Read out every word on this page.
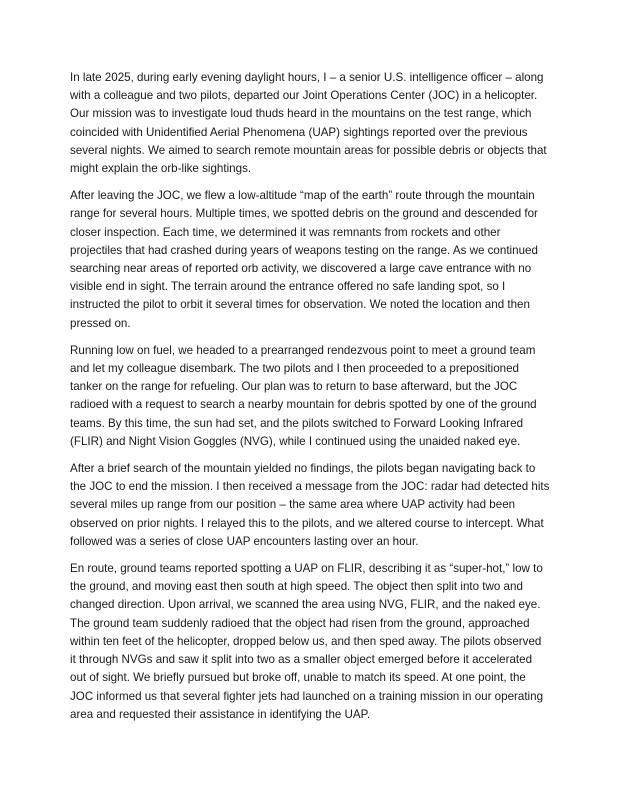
In late 2025, during early evening daylight hours, I – a senior U.S. intelligence officer – along with a colleague and two pilots, departed our Joint Operations Center (JOC) in a helicopter. Our mission was to investigate loud thuds heard in the mountains on the test range, which coincided with Unidentified Aerial Phenomena (UAP) sightings reported over the previous several nights. We aimed to search remote mountain areas for possible debris or objects that might explain the orb-like sightings.

After leaving the JOC, we flew a low-altitude “map of the earth” route through the mountain range for several hours. Multiple times, we spotted debris on the ground and descended for closer inspection. Each time, we determined it was remnants from rockets and other projectiles that had crashed during years of weapons testing on the range. As we continued searching near areas of reported orb activity, we discovered a large cave entrance with no visible end in sight. The terrain around the entrance offered no safe landing spot, so I instructed the pilot to orbit it several times for observation. We noted the location and then pressed on.

Running low on fuel, we headed to a prearranged rendezvous point to meet a ground team and let my colleague disembark. The two pilots and I then proceeded to a prepositioned tanker on the range for refueling. Our plan was to return to base afterward, but the JOC radioed with a request to search a nearby mountain for debris spotted by one of the ground teams. By this time, the sun had set, and the pilots switched to Forward Looking Infrared (FLIR) and Night Vision Goggles (NVG), while I continued using the unaided naked eye.

After a brief search of the mountain yielded no findings, the pilots began navigating back to the JOC to end the mission. I then received a message from the JOC: radar had detected hits several miles up range from our position – the same area where UAP activity had been observed on prior nights. I relayed this to the pilots, and we altered course to intercept. What followed was a series of close UAP encounters lasting over an hour.

En route, ground teams reported spotting a UAP on FLIR, describing it as “super-hot,” low to the ground, and moving east then south at high speed. The object then split into two and changed direction. Upon arrival, we scanned the area using NVG, FLIR, and the naked eye. The ground team suddenly radioed that the object had risen from the ground, approached within ten feet of the helicopter, dropped below us, and then sped away. The pilots observed it through NVGs and saw it split into two as a smaller object emerged before it accelerated out of sight. We briefly pursued but broke off, unable to match its speed. At one point, the JOC informed us that several fighter jets had launched on a training mission in our operating area and requested their assistance in identifying the UAP.
